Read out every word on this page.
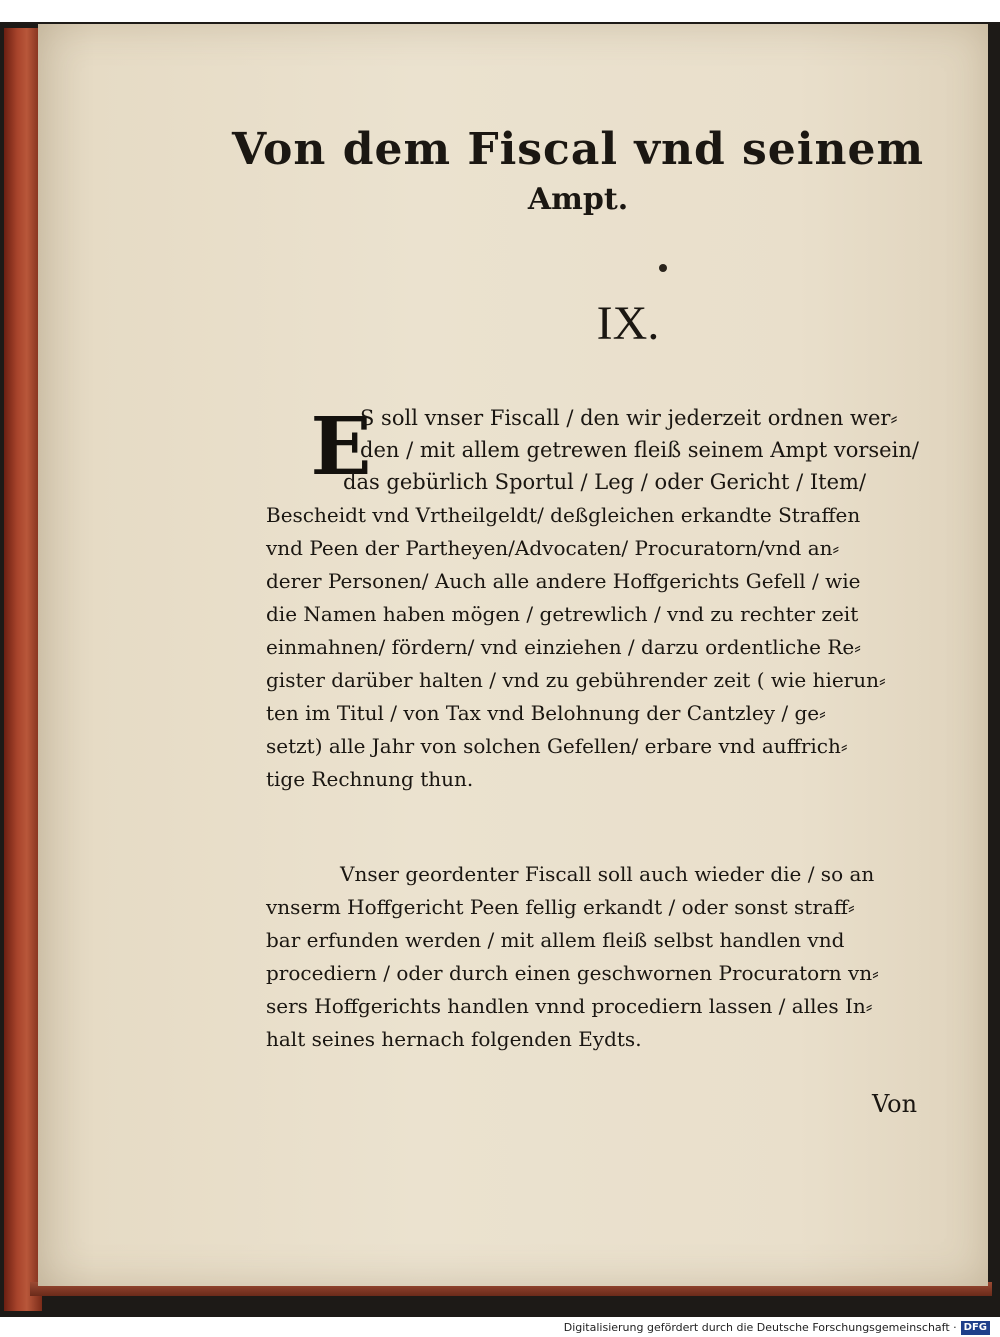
Von dem Fiscal vnd seinem
Ampt.
IX.
E
S soll vnser Fiscall / den wir jederzeit ordnen wer⸗
den / mit allem getrewen fleiß seinem Ampt vorsein/
das gebürlich Sportul / Leg / oder Gericht / Item/
Bescheidt vnd Vrtheilgeldt/ deßgleichen erkandte Straffen
vnd Peen der Partheyen/Advocaten/ Procuratorn/vnd an⸗
derer Personen/ Auch alle andere Hoffgerichts Gefell / wie
die Namen haben mögen / getrewlich / vnd zu rechter zeit
einmahnen/ fördern/ vnd einziehen / darzu ordentliche Re⸗
gister darüber halten / vnd zu gebührender zeit ( wie hierun⸗
ten im Titul / von Tax vnd Belohnung der Cantzley / ge⸗
setzt) alle Jahr von solchen Gefellen/ erbare vnd auffrich⸗
tige Rechnung thun.
Vnser geordenter Fiscall soll auch wieder die / so an
vnserm Hoffgericht Peen fellig erkandt / oder sonst straff⸗
bar erfunden werden / mit allem fleiß selbst handlen vnd
procediern / oder durch einen geschwornen Procuratorn vn⸗
sers Hoffgerichts handlen vnnd procediern lassen / alles In⸗
halt seines hernach folgenden Eydts.
Von
Digitalisierung gefördert durch die Deutsche Forschungsgemeinschaft · DFG
